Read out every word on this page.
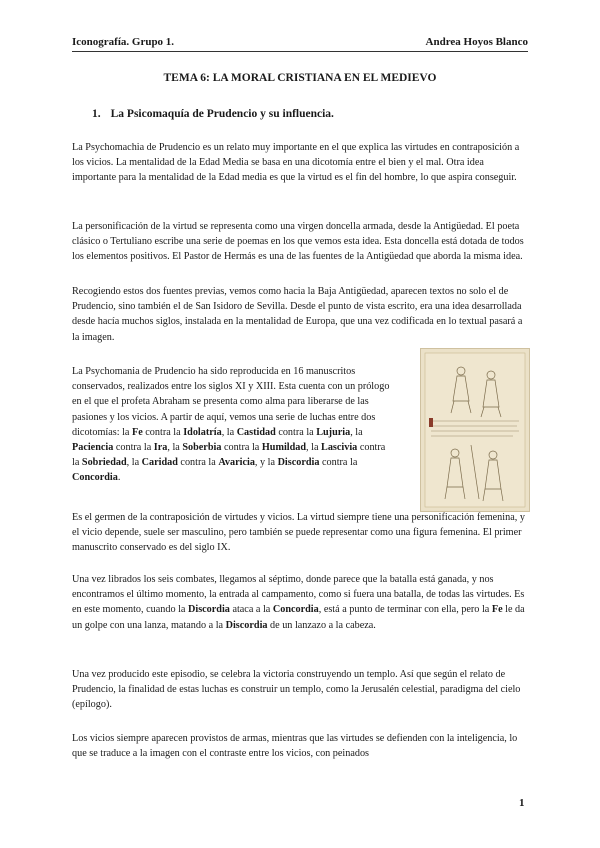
Iconografía. Grupo 1.	Andrea Hoyos Blanco
TEMA 6: LA MORAL CRISTIANA EN EL MEDIEVO
1. La Psicomaquía de Prudencio y su influencia.

La Psychomachia de Prudencio es un relato muy importante en el que explica las virtudes en contraposición a los vicios. La mentalidad de la Edad Media se basa en una dicotomía entre el bien y el mal. Otra idea importante para la mentalidad de la Edad media es que la virtud es el fin del hombre, lo que aspira conseguir.

La personificación de la virtud se representa como una virgen doncella armada, desde la Antigüedad. El poeta clásico o Tertuliano escribe una serie de poemas en los que vemos esta idea. Esta doncella está dotada de todos los elementos positivos. El Pastor de Hermás es una de las fuentes de la Antigüedad que aborda la misma idea.

Recogiendo estos dos fuentes previas, vemos como hacia la Baja Antigüedad, aparecen textos no solo el de Prudencio, sino también el de San Isidoro de Sevilla. Desde el punto de vista escrito, era una idea desarrollada desde hacía muchos siglos, instalada en la mentalidad de Europa, que una vez codificada en lo textual pasará a la imagen.

La Psychomania de Prudencio ha sido reproducida en 16 manuscritos conservados, realizados entre los siglos XI y XIII. Esta cuenta con un prólogo en el que el profeta Abraham se presenta como alma para liberarse de las pasiones y los vicios. A partir de aquí, vemos una serie de luchas entre dos dicotomías: la Fe contra la Idolatría, la Castidad contra la Lujuria, la Paciencia contra la Ira, la Soberbia contra la Humildad, la Lascivia contra la Sobriedad, la Caridad contra la Avaricia, y la Discordia contra la Concordia.

Es el germen de la contraposición de virtudes y vicios. La virtud siempre tiene una personificación femenina, y el vicio depende, suele ser masculino, pero también se puede representar como una figura femenina. El primer manuscrito conservado es del siglo IX.

Una vez librados los seis combates, llegamos al séptimo, donde parece que la batalla está ganada, y nos encontramos el último momento, la entrada al campamento, como si fuera una batalla, de todas las virtudes. Es en este momento, cuando la Discordia ataca a la Concordia, está a punto de terminar con ella, pero la Fe le da un golpe con una lanza, matando a la Discordia de un lanzazo a la cabeza.

Una vez producido este episodio, se celebra la victoria construyendo un templo. Así que según el relato de Prudencio, la finalidad de estas luchas es construir un templo, como la Jerusalén celestial, paradigma del cielo (epílogo).

Los vicios siempre aparecen provistos de armas, mientras que las virtudes se defienden con la inteligencia, lo que se traduce a la imagen con el contraste entre los vicios, con peinados

1
